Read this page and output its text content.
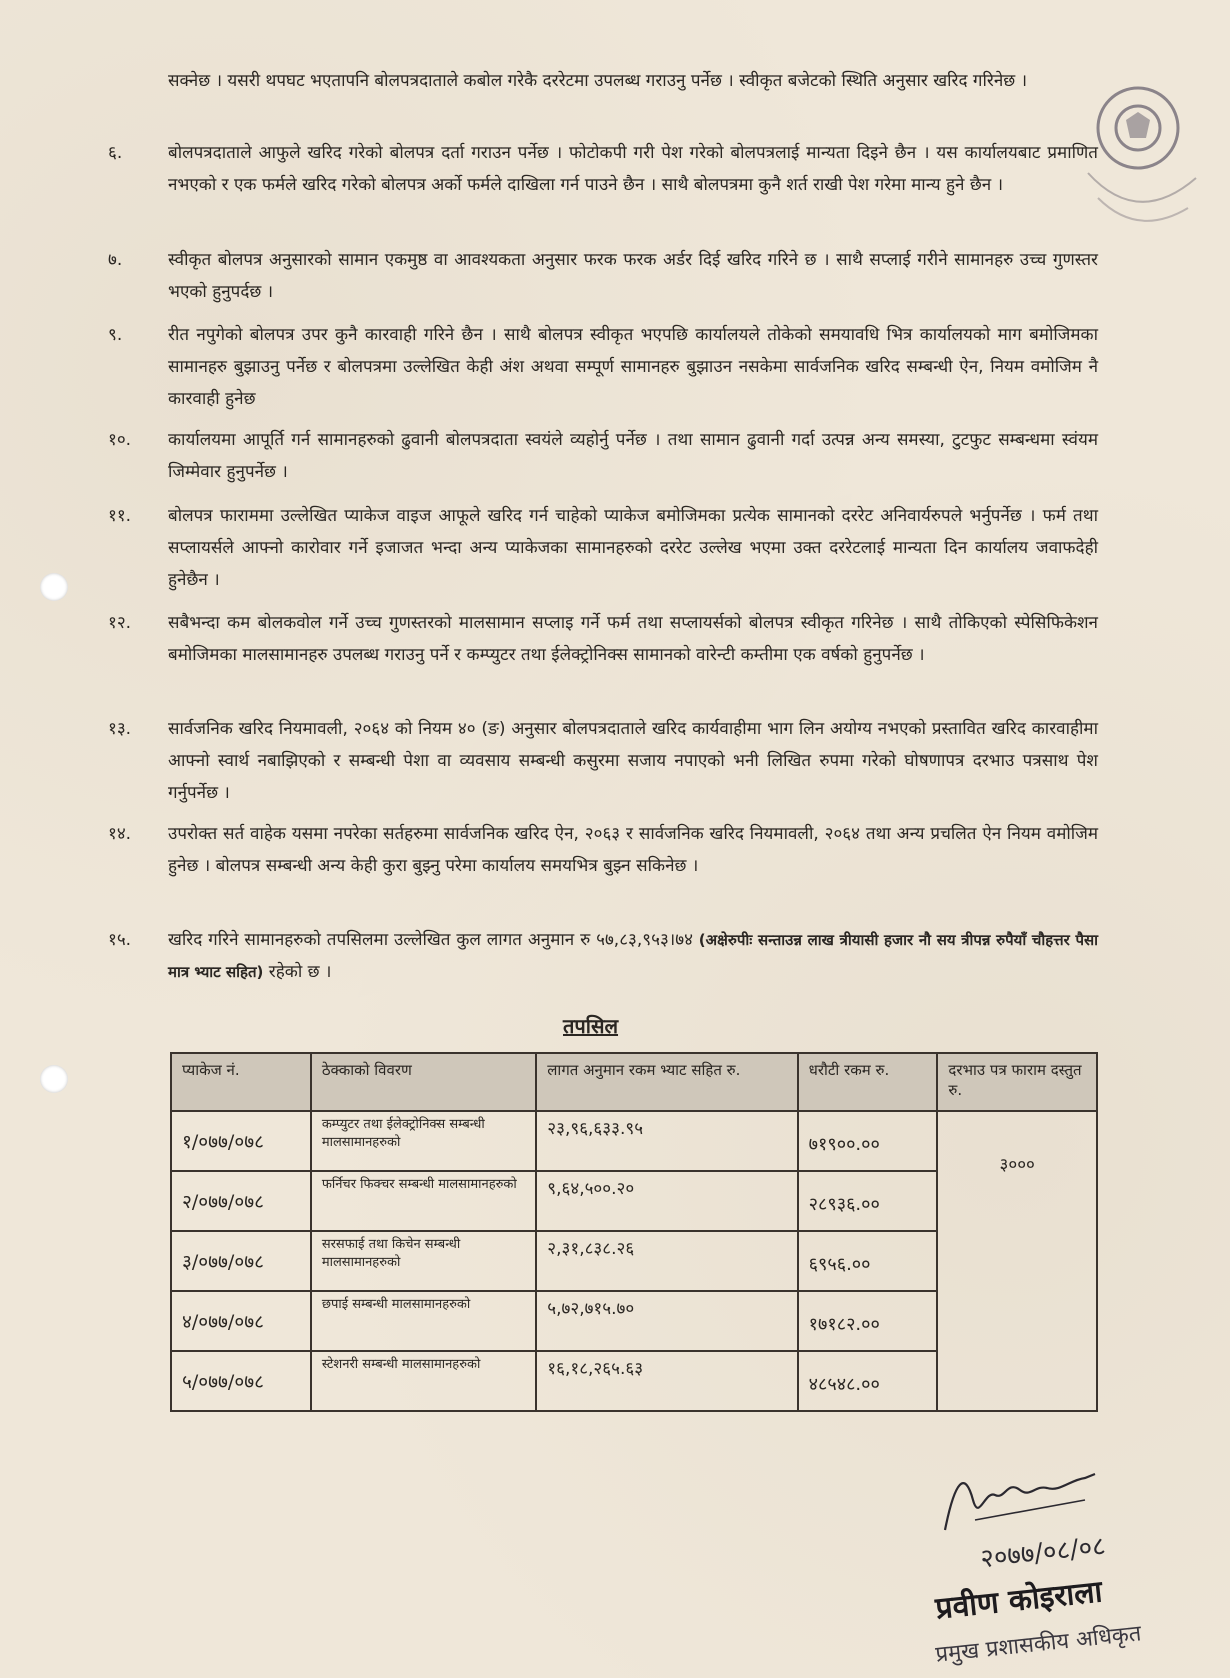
सक्नेछ । यसरी थपघट भएतापनि बोलपत्रदाताले कबोल गरेकै दररेटमा उपलब्ध गराउनु पर्नेछ । स्वीकृत बजेटको स्थिति अनुसार खरिद गरिनेछ ।
६.	बोलपत्रदाताले आफुले खरिद गरेको बोलपत्र दर्ता गराउन पर्नेछ । फोटोकपी गरी पेश गरेको बोलपत्रलाई मान्यता दिइने छैन । यस कार्यालयबाट प्रमाणित नभएको र एक फर्मले खरिद गरेको बोलपत्र अर्को फर्मले दाखिला गर्न पाउने छैन । साथै बोलपत्रमा कुनै शर्त राखी पेश गरेमा मान्य हुने छैन ।
७.	स्वीकृत बोलपत्र अनुसारको सामान एकमुष्ठ वा आवश्यकता अनुसार फरक फरक अर्डर दिई खरिद गरिने छ । साथै सप्लाई गरीने सामानहरु उच्च गुणस्तर भएको हुनुपर्दछ ।
९.	रीत नपुगेको बोलपत्र उपर कुनै कारवाही गरिने छैन । साथै बोलपत्र स्वीकृत भएपछि कार्यालयले तोकेको समयावधि भित्र कार्यालयको माग बमोजिमका सामानहरु बुझाउनु पर्नेछ र बोलपत्रमा उल्लेखित केही अंश अथवा सम्पूर्ण सामानहरु बुझाउन नसकेमा सार्वजनिक खरिद सम्बन्धी ऐन, नियम वमोजिम नै कारवाही हुनेछ
१०.	कार्यालयमा आपूर्ति गर्न सामानहरुको ढुवानी बोलपत्रदाता स्वयंले व्यहोर्नु पर्नेछ । तथा सामान ढुवानी गर्दा उत्पन्न अन्य समस्या, टुटफुट सम्बन्धमा स्वंयम जिम्मेवार हुनुपर्नेछ ।
११.	बोलपत्र फाराममा उल्लेखित प्याकेज वाइज आफूले खरिद गर्न चाहेको प्याकेज बमोजिमका प्रत्येक सामानको दररेट अनिवार्यरुपले भर्नुपर्नेछ । फर्म तथा सप्लायर्सले आफ्नो कारोवार गर्ने इजाजत भन्दा अन्य प्याकेजका सामानहरुको दररेट उल्लेख भएमा उक्त दररेटलाई मान्यता दिन कार्यालय जवाफदेही हुनेछैन ।
१२.	सबैभन्दा कम बोलकवोल गर्ने उच्च गुणस्तरको मालसामान सप्लाइ गर्ने फर्म तथा सप्लायर्सको बोलपत्र स्वीकृत गरिनेछ । साथै तोकिएको स्पेसिफिकेशन बमोजिमका मालसामानहरु उपलब्ध गराउनु पर्ने र कम्प्युटर तथा ईलेक्ट्रोनिक्स सामानको वारेन्टी कम्तीमा एक वर्षको हुनुपर्नेछ ।
१३.	सार्वजनिक खरिद नियमावली, २०६४ को नियम ४० (ङ) अनुसार बोलपत्रदाताले खरिद कार्यवाहीमा भाग लिन अयोग्य नभएको प्रस्तावित खरिद कारवाहीमा आफ्नो स्वार्थ नबाझिएको र सम्बन्धी पेशा वा व्यवसाय सम्बन्धी कसुरमा सजाय नपाएको भनी लिखित रुपमा गरेको घोषणापत्र दरभाउ पत्रसाथ पेश गर्नुपर्नेछ ।
१४.	उपरोक्त सर्त वाहेक यसमा नपरेका सर्तहरुमा सार्वजनिक खरिद ऐन, २०६३ र सार्वजनिक खरिद नियमावली, २०६४ तथा अन्य प्रचलित ऐन नियम वमोजिम हुनेछ । बोलपत्र सम्बन्धी अन्य केही कुरा बुझ्नु परेमा कार्यालय समयभित्र बुझ्न सकिनेछ ।
१५.	खरिद गरिने सामानहरुको तपसिलमा उल्लेखित कुल लागत अनुमान रु ५७,८३,९५३।७४ (अक्षेरुपीः सन्ताउन्न लाख त्रीयासी हजार नौ सय त्रीपन्न रुपैयाँ चौहत्तर पैसा मात्र भ्याट सहित) रहेको छ ।
तपसिल
प्याकेज नं.	ठेक्काको विवरण	लागत अनुमान रकम भ्याट सहित रु.	धरौटी रकम रु.	दरभाउ पत्र फाराम दस्तुत रु.
१/०७७/०७८	कम्प्युटर तथा ईलेक्ट्रोनिक्स सम्बन्धी मालसामानहरुको	२३,९६,६३३.९५	७१९००.००	३०००
२/०७७/०७८	फर्निचर फिक्चर सम्बन्धी मालसामानहरुको	९,६४,५००.२०	२८९३६.००	
३/०७७/०७८	सरसफाई तथा किचेन सम्बन्धी मालसामानहरुको	२,३१,८३८.२६	६९५६.००	
४/०७७/०७८	छपाई सम्बन्धी मालसामानहरुको	५,७२,७१५.७०	१७१८२.००	
५/०७७/०७८	स्टेशनरी सम्बन्धी मालसामानहरुको	१६,१८,२६५.६३	४८५४८.००	
२०७७/०८/०८
प्रवीण कोइराला
प्रमुख प्रशासकीय अधिकृत
